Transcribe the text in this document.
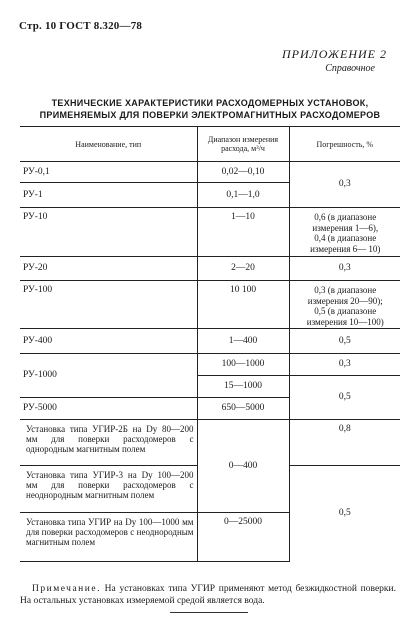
Стр. 10 ГОСТ 8.320—78
ПРИЛОЖЕНИЕ 2
Справочное
ТЕХНИЧЕСКИЕ ХАРАКТЕРИСТИКИ РАСХОДОМЕРНЫХ УСТАНОВОК,
ПРИМЕНЯЕМЫХ ДЛЯ ПОВЕРКИ ЭЛЕКТРОМАГНИТНЫХ РАСХОДОМЕРОВ
Наименование, тип	Диапазон измерения расхода, м³/ч	Погрешность, %
РУ-0,1	0,02—0,10	0,3
РУ-1	0,1—1,0	
РУ-10	1—10	0,6 (в диапазоне измерения 1—6),
0,4 (в диапазоне измерения 6— 10)

РУ-20	2—20	0,3
РУ-100	10 100	0,3 (в диапазоне измерения 20—90);
0,5 (в диапазоне измерения 10—100)

РУ-400	1—400	0,5
РУ-1000	100—1000	0,3
	15—1000	0,5
РУ-5000	650—5000	
Установка типа УГИР-2Б на Dу 80—200 мм для поверки расходомеров с однородным магнитным полем	0—400	0,8
Установка типа УГИР-3 на Dу 100—200 мм для поверки расходомеров с неоднородным магнитным полем		0,5
Установка типа УГИР на Dу 100—1000 мм для поверки расходомеров с неоднородным магнитным полем	0—25000	
Примечание. На установках типа УГИР применяют метод безжидкостной поверки. На остальных установках измеряемой средой является вода.
